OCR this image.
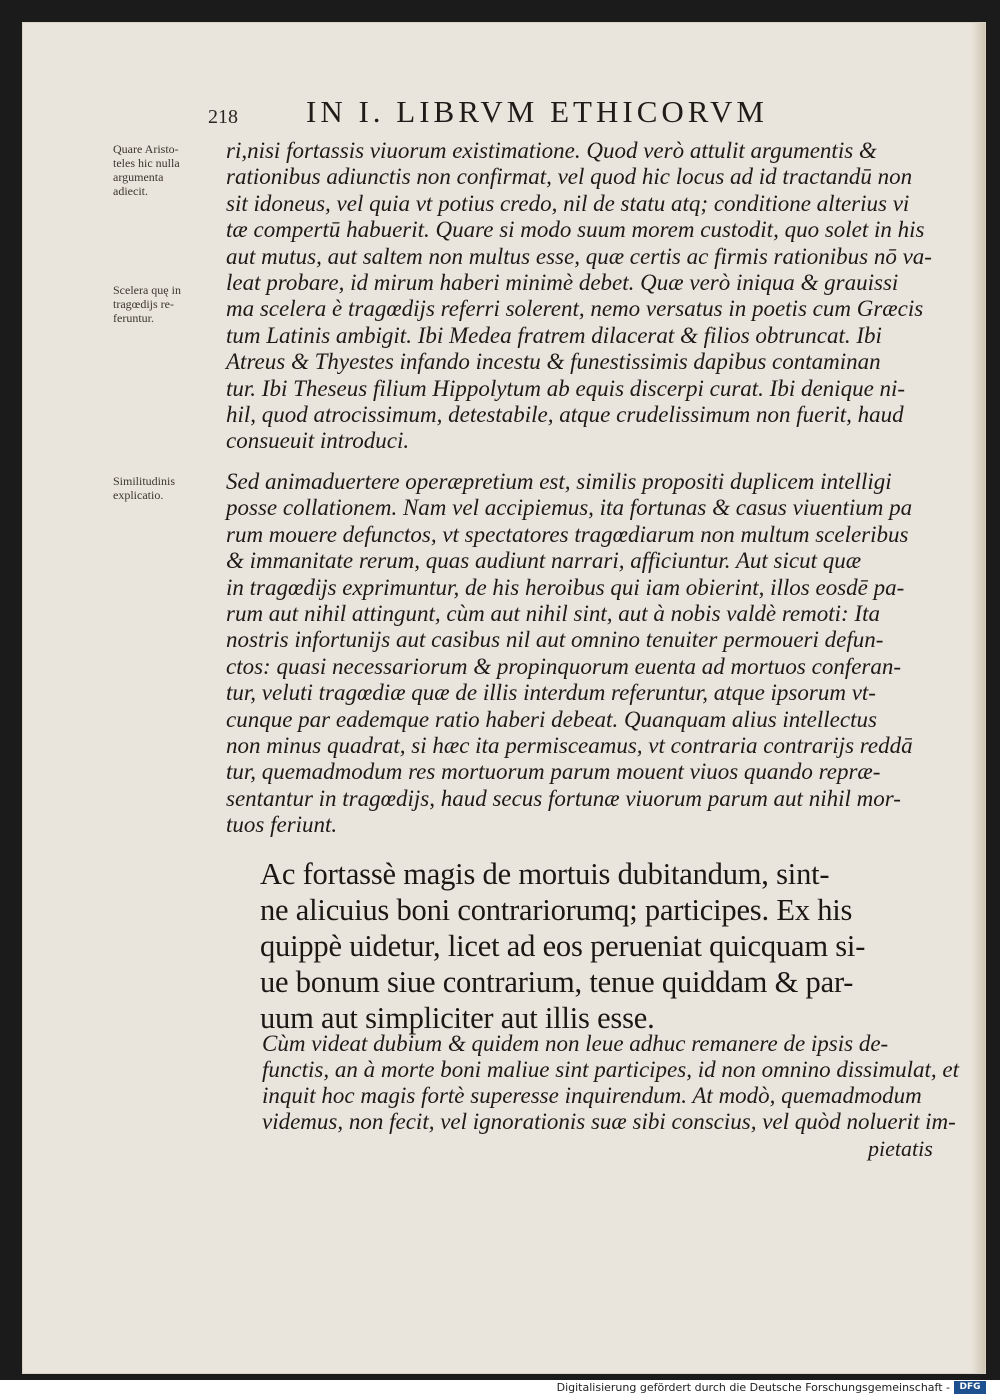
218 IN I. LIBRVM ETHICORVM
Quare Aristo-
teles hic nulla
argumenta
adiecit.
Scelera quę in
tragœdijs re-
feruntur.
Similitudinis
explicatio.
ri,nisi fortassis viuorum existimatione. Quod verò attulit argumentis &
rationibus adiunctis non confirmat, vel quod hic locus ad id tractandū non
sit idoneus, vel quia vt potius credo, nil de statu atq; conditione alterius vi
tæ compertū habuerit. Quare si modo suum morem custodit, quo solet in his
aut mutus, aut saltem non multus esse, quæ certis ac firmis rationibus nō va-
leat probare, id mirum haberi minimè debet. Quæ verò iniqua & grauissi
ma scelera è tragœdijs referri solerent, nemo versatus in poetis cum Græcis
tum Latinis ambigit. Ibi Medea fratrem dilacerat & filios obtruncat. Ibi
Atreus & Thyestes infando incestu & funestissimis dapibus contaminan
tur. Ibi Theseus filium Hippolytum ab equis discerpi curat. Ibi denique ni-
hil, quod atrocissimum, detestabile, atque crudelissimum non fuerit, haud
consueuit introduci.
Sed animaduertere operæpretium est, similis propositi duplicem intelligi
posse collationem. Nam vel accipiemus, ita fortunas & casus viuentium pa
rum mouere defunctos, vt spectatores tragœdiarum non multum sceleribus
& immanitate rerum, quas audiunt narrari, afficiuntur. Aut sicut quæ
in tragœdijs exprimuntur, de his heroibus qui iam obierint, illos eosdē pa-
rum aut nihil attingunt, cùm aut nihil sint, aut à nobis valdè remoti: Ita
nostris infortunijs aut casibus nil aut omnino tenuiter permoueri defun-
ctos: quasi necessariorum & propinquorum euenta ad mortuos conferan-
tur, veluti tragœdiæ quæ de illis interdum referuntur, atque ipsorum vt-
cunque par eademque ratio haberi debeat. Quanquam alius intellectus
non minus quadrat, si hæc ita permisceamus, vt contraria contrarijs reddā
tur, quemadmodum res mortuorum parum mouent viuos quando repræ-
sentantur in tragœdijs, haud secus fortunæ viuorum parum aut nihil mor-
tuos feriunt.
Ac fortassè magis de mortuis dubitandum, sint-
ne alicuius boni contrariorumq; participes. Ex his
quippè uidetur, licet ad eos perueniat quicquam si-
ue bonum siue contrarium, tenue quiddam & par-
uum aut simpliciter aut illis esse.
Cùm videat dubium & quidem non leue adhuc remanere de ipsis de-
functis, an à morte boni maliue sint participes, id non omnino dissimulat, et
inquit hoc magis fortè superesse inquirendum. At modò, quemadmodum
videmus, non fecit, vel ignorationis suæ sibi conscius, vel quòd noluerit im-
pietatis
Digitalisierung gefördert durch die Deutsche Forschungsgemeinschaft -	DFG
